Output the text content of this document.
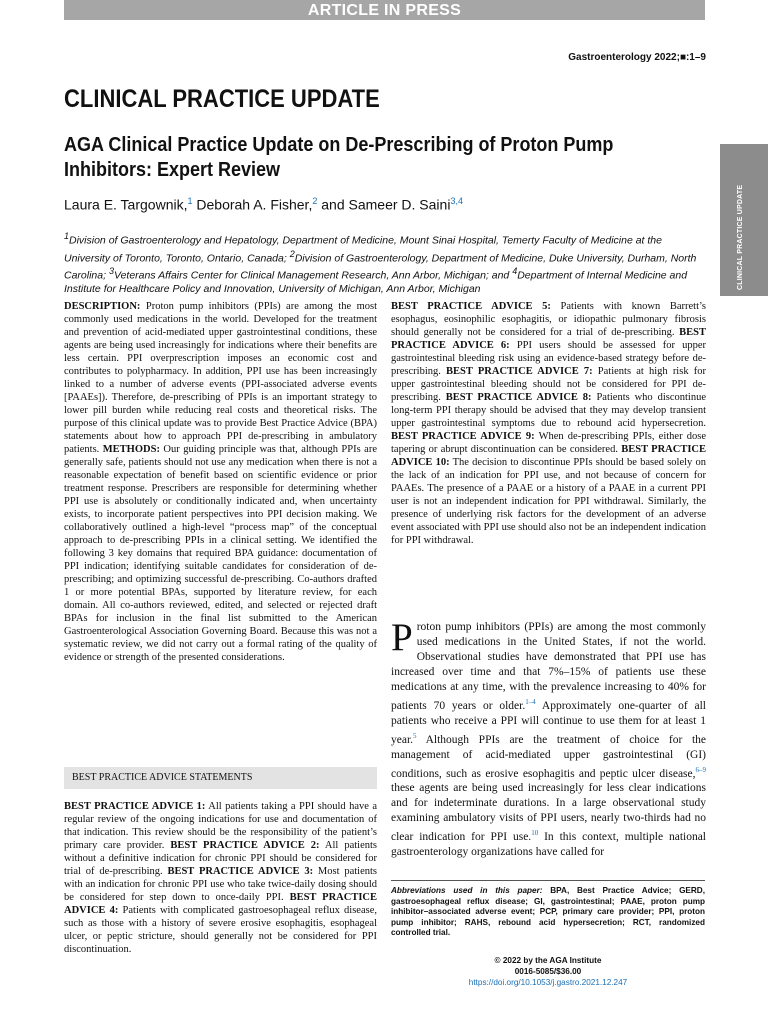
ARTICLE IN PRESS
Gastroenterology 2022;■:1–9
CLINICAL PRACTICE UPDATE
CLINICAL PRACTICE UPDATE
AGA Clinical Practice Update on De-Prescribing of Proton Pump Inhibitors: Expert Review
Laura E. Targownik,$^1$ Deborah A. Fisher,$^2$ and Sameer D. Saini$^{3,4}$
$^1$Division of Gastroenterology and Hepatology, Department of Medicine, Mount Sinai Hospital, Temerty Faculty of Medicine at the University of Toronto, Toronto, Ontario, Canada; $^2$Division of Gastroenterology, Department of Medicine, Duke University, Durham, North Carolina; $^3$Veterans Affairs Center for Clinical Management Research, Ann Arbor, Michigan; and $^4$Department of Internal Medicine and Institute for Healthcare Policy and Innovation, University of Michigan, Ann Arbor, Michigan

DESCRIPTION: Proton pump inhibitors (PPIs) are among the most commonly used medications in the world. Developed for the treatment and prevention of acid-mediated upper gastrointestinal conditions, these agents are being used increasingly for indications where their benefits are less certain. PPI overprescription imposes an economic cost and contributes to polypharmacy. In addition, PPI use has been increasingly linked to a number of adverse events (PPI-associated adverse events [PAAEs]). Therefore, de-prescribing of PPIs is an important strategy to lower pill burden while reducing real costs and theoretical risks. The purpose of this clinical update was to provide Best Practice Advice (BPA) statements about how to approach PPI de-prescribing in ambulatory patients. METHODS: Our guiding principle was that, although PPIs are generally safe, patients should not use any medication when there is not a reasonable expectation of benefit based on scientific evidence or prior treatment response. Prescribers are responsible for determining whether PPI use is absolutely or conditionally indicated and, when uncertainty exists, to incorporate patient perspectives into PPI decision making. We collaboratively outlined a high-level “process map” of the conceptual approach to de-prescribing PPIs in a clinical setting. We identified the following 3 key domains that required BPA guidance: documentation of PPI indication; identifying suitable candidates for consideration of de-prescribing; and optimizing successful de-prescribing. Co-authors drafted 1 or more potential BPAs, supported by literature review, for each domain. All co-authors reviewed, edited, and selected or rejected draft BPAs for inclusion in the final list submitted to the American Gastroenterological Association Governing Board. Because this was not a systematic review, we did not carry out a formal rating of the quality of evidence or strength of the presented considerations.

BEST PRACTICE ADVICE STATEMENTS

BEST PRACTICE ADVICE 1: All patients taking a PPI should have a regular review of the ongoing indications for use and documentation of that indication. This review should be the responsibility of the patient’s primary care provider. BEST PRACTICE ADVICE 2: All patients without a definitive indication for chronic PPI should be considered for trial of de-prescribing. BEST PRACTICE ADVICE 3: Most patients with an indication for chronic PPI use who take twice-daily dosing should be considered for step down to once-daily PPI. BEST PRACTICE ADVICE 4: Patients with complicated gastroesophageal reflux disease, such as those with a history of severe erosive esophagitis, esophageal ulcer, or peptic stricture, should generally not be considered for PPI discontinuation.

BEST PRACTICE ADVICE 5: Patients with known Barrett’s esophagus, eosinophilic esophagitis, or idiopathic pulmonary fibrosis should generally not be considered for a trial of de-prescribing. BEST PRACTICE ADVICE 6: PPI users should be assessed for upper gastrointestinal bleeding risk using an evidence-based strategy before de-prescribing. BEST PRACTICE ADVICE 7: Patients at high risk for upper gastrointestinal bleeding should not be considered for PPI de-prescribing. BEST PRACTICE ADVICE 8: Patients who discontinue long-term PPI therapy should be advised that they may develop transient upper gastrointestinal symptoms due to rebound acid hypersecretion. BEST PRACTICE ADVICE 9: When de-prescribing PPIs, either dose tapering or abrupt discontinuation can be considered. BEST PRACTICE ADVICE 10: The decision to discontinue PPIs should be based solely on the lack of an indication for PPI use, and not because of concern for PAAEs. The presence of a PAAE or a history of a PAAE in a current PPI user is not an independent indication for PPI withdrawal. Similarly, the presence of underlying risk factors for the development of an adverse event associated with PPI use should also not be an independent indication for PPI withdrawal.

Proton pump inhibitors (PPIs) are among the most commonly used medications in the United States, if not the world. Observational studies have demonstrated that PPI use has increased over time and that 7%–15% of patients use these medications at any time, with the prevalence increasing to 40% for patients 70 years or older.$^{1-4}$ Approximately one-quarter of all patients who receive a PPI will continue to use them for at least 1 year.$^5$ Although PPIs are the treatment of choice for the management of acid-mediated upper gastrointestinal (GI) conditions, such as erosive esophagitis and peptic ulcer disease,$^{6-9}$ these agents are being used increasingly for less clear indications and for indeterminate durations. In a large observational study examining ambulatory visits of PPI users, nearly two-thirds had no clear indication for PPI use.$^{10}$ In this context, multiple national gastroenterology organizations have called for

Abbreviations used in this paper: BPA, Best Practice Advice; GERD, gastroesophageal reflux disease; GI, gastrointestinal; PAAE, proton pump inhibitor–associated adverse event; PCP, primary care provider; PPI, proton pump inhibitor; RAHS, rebound acid hypersecretion; RCT, randomized controlled trial.
© 2022 by the AGA Institute
0016-5085/$36.00
https://doi.org/10.1053/j.gastro.2021.12.247
